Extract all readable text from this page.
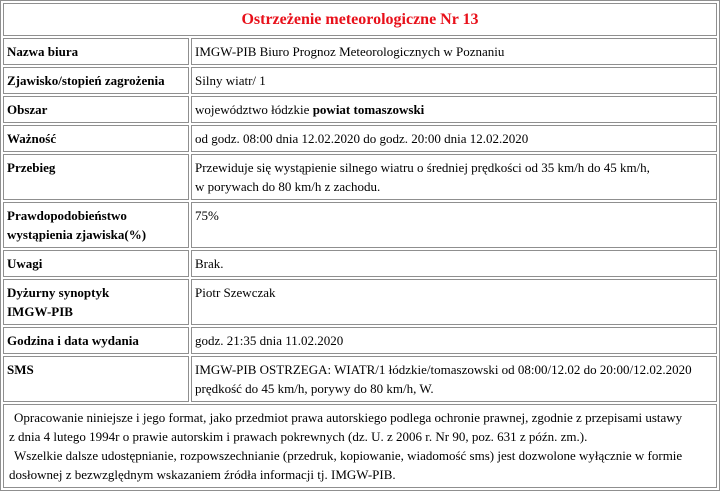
Ostrzeżenie meteorologiczne Nr 13	
Nazwa biura	IMGW-PIB Biuro Prognoz Meteorologicznych w Poznaniu
Zjawisko/stopień zagrożenia	Silny wiatr/ 1
Obszar	województwo łódzkie powiat tomaszowski
Ważność	od godz. 08:00 dnia 12.02.2020 do godz. 20:00 dnia 12.02.2020
Przebieg	Przewiduje się wystąpienie silnego wiatru o średniej prędkości od 35 km/h do 45 km/h,
w porywach do 80 km/h z zachodu.

Prawdopodobieństwo
wystąpienia zjawiska(%)	75%
Uwagi	Brak.

Dyżurny synoptyk
IMGW-PIB	Piotr Szewczak
Godzina i data wydania	godz. 21:35 dnia 11.02.2020
SMS	IMGW-PIB OSTRZEGA: WIATR/1 łódzkie/tomaszowski od 08:00/12.02 do 20:00/12.02.2020
prędkość do 45 km/h, porywy do 80 km/h, W.

Opracowanie niniejsze i jego format, jako przedmiot prawa autorskiego podlega ochronie prawnej, zgodnie z przepisami ustawy
z dnia 4 lutego 1994r o prawie autorskim i prawach pokrewnych (dz. U. z 2006 r. Nr 90, poz. 631 z późn. zm.).
Wszelkie dalsze udostępnianie, rozpowszechnianie (przedruk, kopiowanie, wiadomość sms) jest dozwolone wyłącznie w formie
dosłownej z bezwzględnym wskazaniem źródła informacji tj. IMGW-PIB.	
